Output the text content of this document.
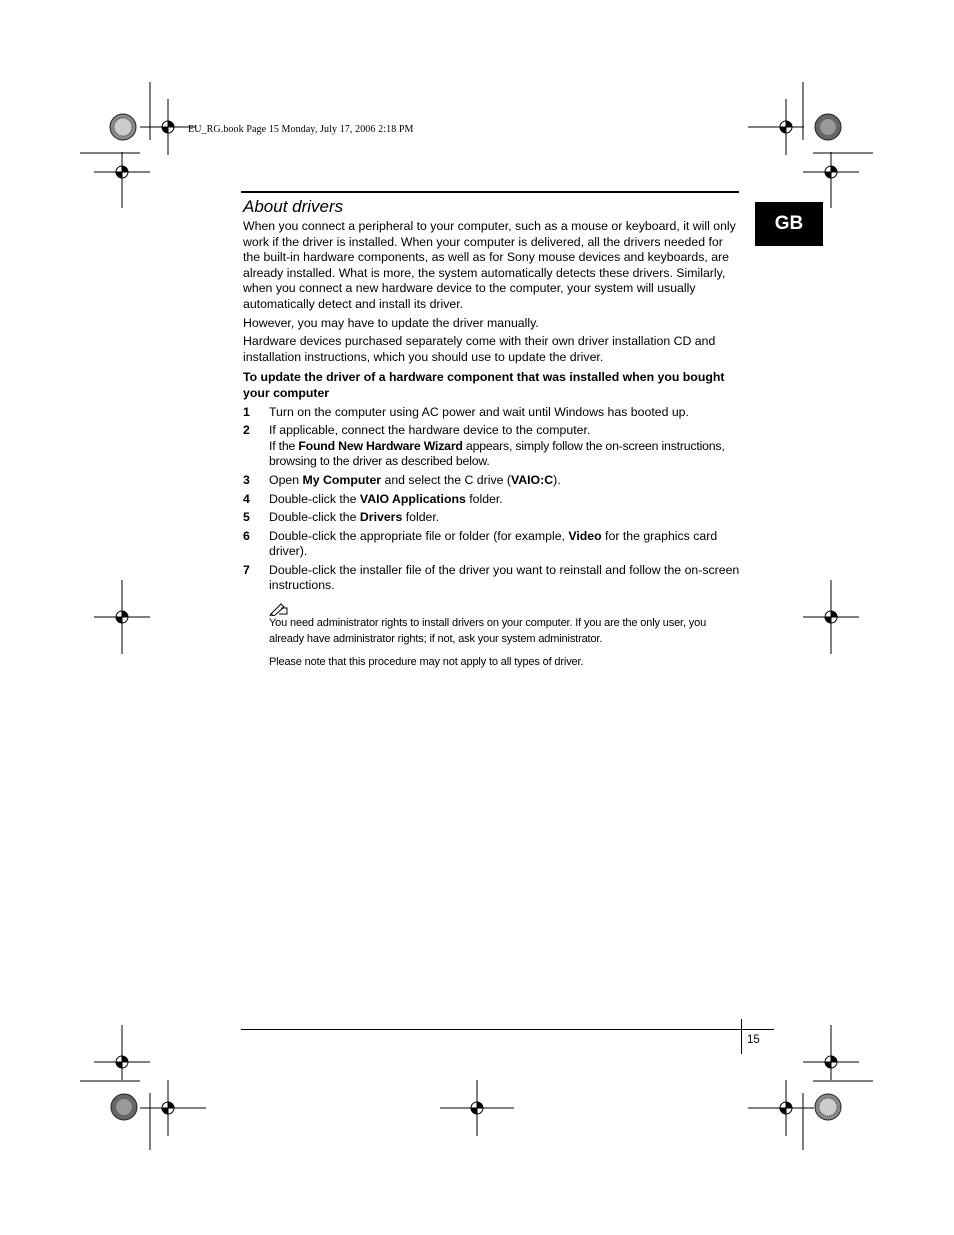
EU_RG.book Page 15 Monday, July 17, 2006 2:18 PM
GB
About drivers

When you connect a peripheral to your computer, such as a mouse or keyboard, it will only work if the driver is installed. When your computer is delivered, all the drivers needed for the built-in hardware components, as well as for Sony mouse devices and keyboards, are already installed. What is more, the system automatically detects these drivers. Similarly, when you connect a new hardware device to the computer, your system will usually automatically detect and install its driver.

However, you may have to update the driver manually.

Hardware devices purchased separately come with their own driver installation CD and installation instructions, which you should use to update the driver.

To update the driver of a hardware component that was installed when you bought your computer
1	Turn on the computer using AC power and wait until Windows has booted up.
2	If applicable, connect the hardware device to the computer.
If the Found New Hardware Wizard appears, simply follow the on-screen instructions, browsing to the driver as described below.
3	Open My Computer and select the C drive (VAIO:C).
4	Double-click the VAIO Applications folder.
5	Double-click the Drivers folder.
6	Double-click the appropriate file or folder (for example, Video for the graphics card driver).
7	Double-click the installer file of the driver you want to reinstall and follow the on-screen instructions.

You need administrator rights to install drivers on your computer. If you are the only user, you already have administrator rights; if not, ask your system administrator.

Please note that this procedure may not apply to all types of driver.

15
